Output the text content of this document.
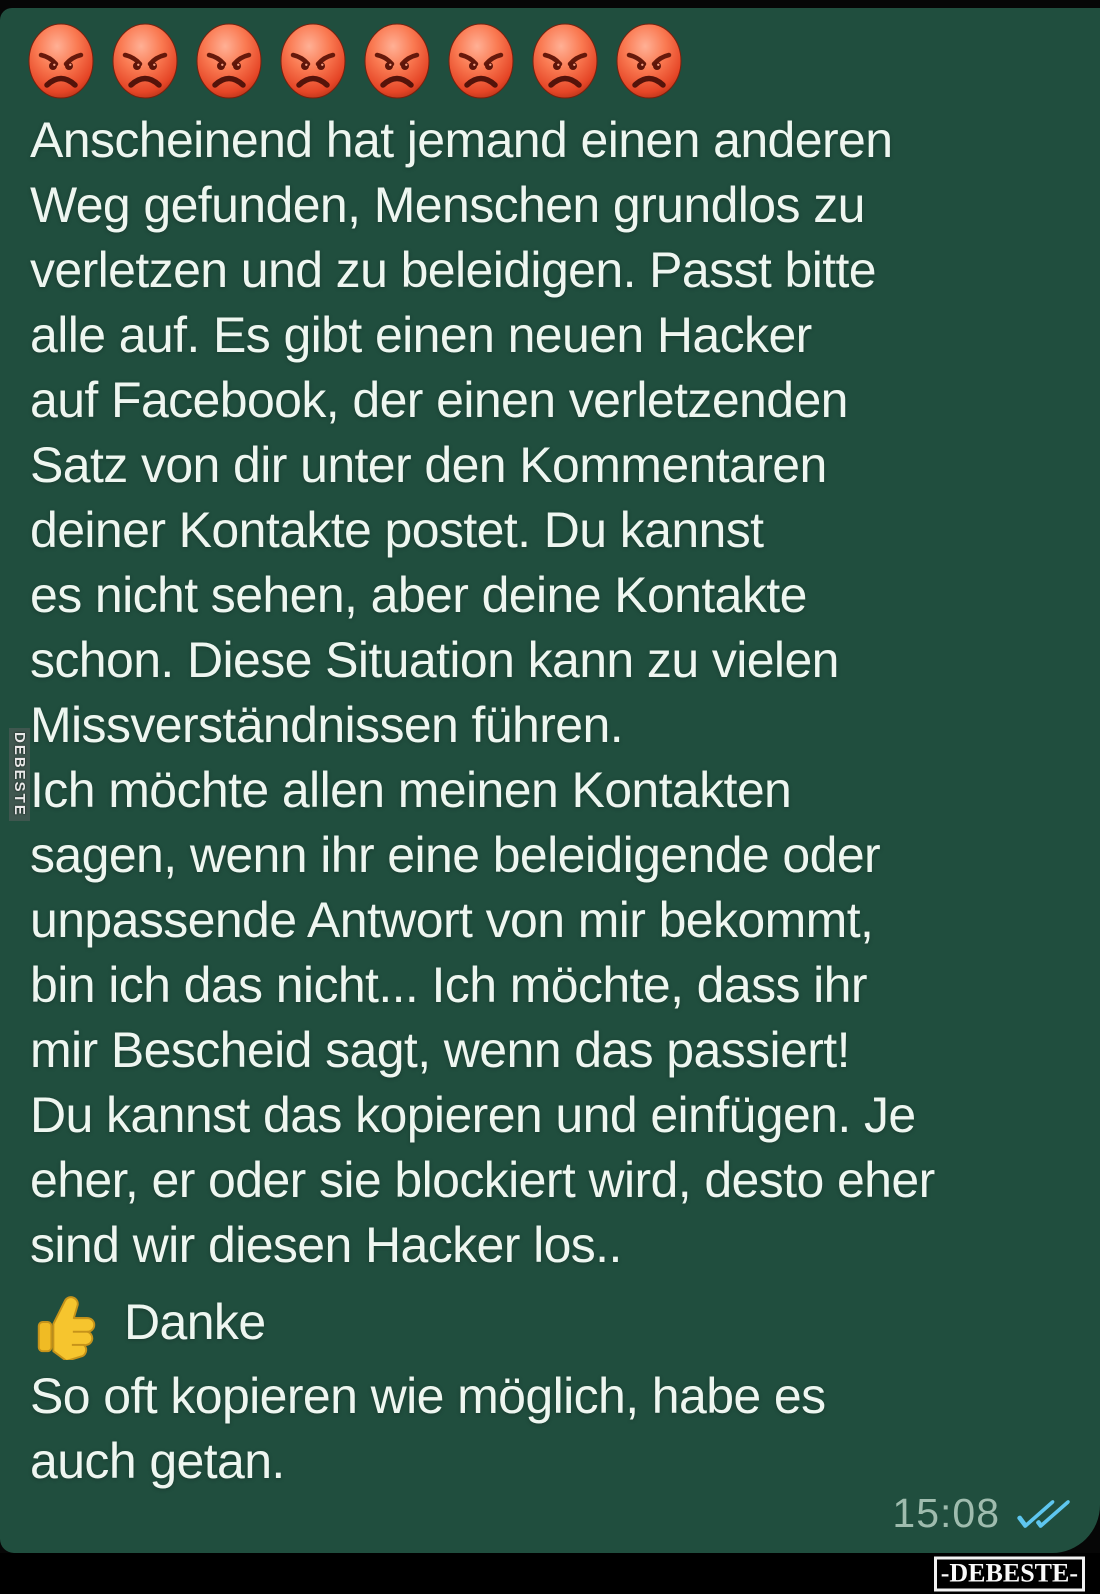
Anscheinend hat jemand einen anderen
Weg gefunden, Menschen grundlos zu
verletzen und zu beleidigen. Passt bitte
alle auf. Es gibt einen neuen Hacker
auf Facebook, der einen verletzenden
Satz von dir unter den Kommentaren
deiner Kontakte postet. Du kannst
es nicht sehen, aber deine Kontakte
schon. Diese Situation kann zu vielen
Missverständnissen führen.
Ich möchte allen meinen Kontakten
sagen, wenn ihr eine beleidigende oder
unpassende Antwort von mir bekommt,
bin ich das nicht... Ich möchte, dass ihr
mir Bescheid sagt, wenn das passiert!
Du kannst das kopieren und einfügen. Je
eher, er oder sie blockiert wird, desto eher
sind wir diesen Hacker los..
Danke
So oft kopieren wie möglich, habe es
auch getan.
15:08
DEBESTE
-DEBESTE-
